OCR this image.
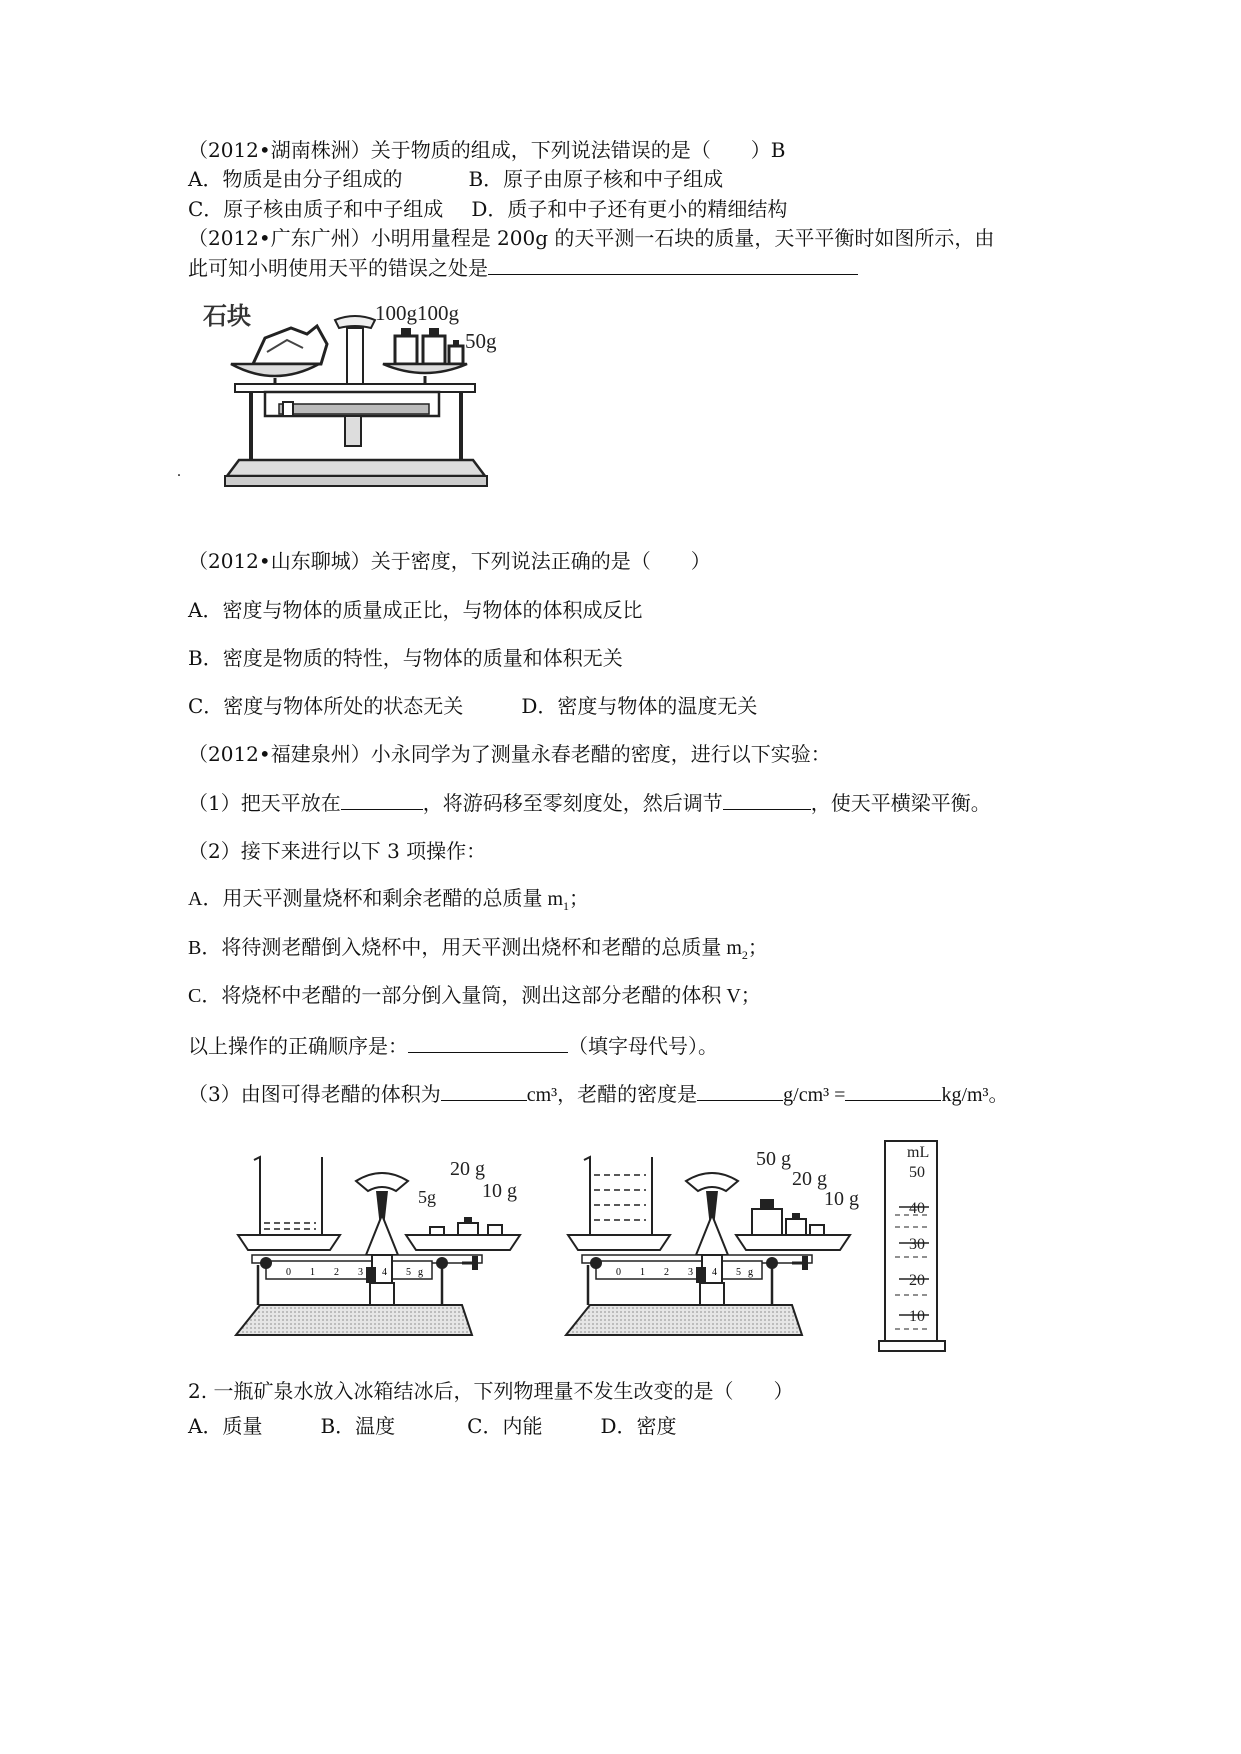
（2012•湖南株洲）关于物质的组成，下列说法错误的是（　　）B
A．物质是由分子组成的	B．原子由原子核和中子组成
C．原子核由质子和中子组成 D．质子和中子还有更小的精细结构
（2012•广东广州）小明用量程是 200g 的天平测一石块的质量，天平平衡时如图所示，由
此可知小明使用天平的错误之处是
石块	100g100g
50g
.
（2012•山东聊城）关于密度，下列说法正确的是（　　）
A．密度与物体的质量成正比，与物体的体积成反比
B．密度是物质的特性，与物体的质量和体积无关
C．密度与物体所处的状态无关	D．密度与物体的温度无关
（2012•福建泉州）小永同学为了测量永春老醋的密度，进行以下实验：
（1）把天平放在	，将游码移至零刻度处，然后调节	，使天平横梁平衡。
（2）接下来进行以下 3 项操作：
A．用天平测量烧杯和剩余老醋的总质量 $m_1$；
B．将待测老醋倒入烧杯中，用天平测出烧杯和老醋的总质量 $m_2$；
C．将烧杯中老醋的一部分倒入量筒，测出这部分老醋的体积 V；
以上操作的正确顺序是：	（填字母代号）。
（3）由图可得老醋的体积为	cm³，老醋的密度是	g/cm³ =	kg/m³。
20 g
10 g
5g
0 1 2 3 4 5 g
50 g
20 g
10 g
0 1 2 3 4 5 g
mL
50
40
30
20
10
2. 一瓶矿泉水放入冰箱结冰后，下列物理量不发生改变的是（　　）
A．质量	B．温度	C．内能	D．密度
